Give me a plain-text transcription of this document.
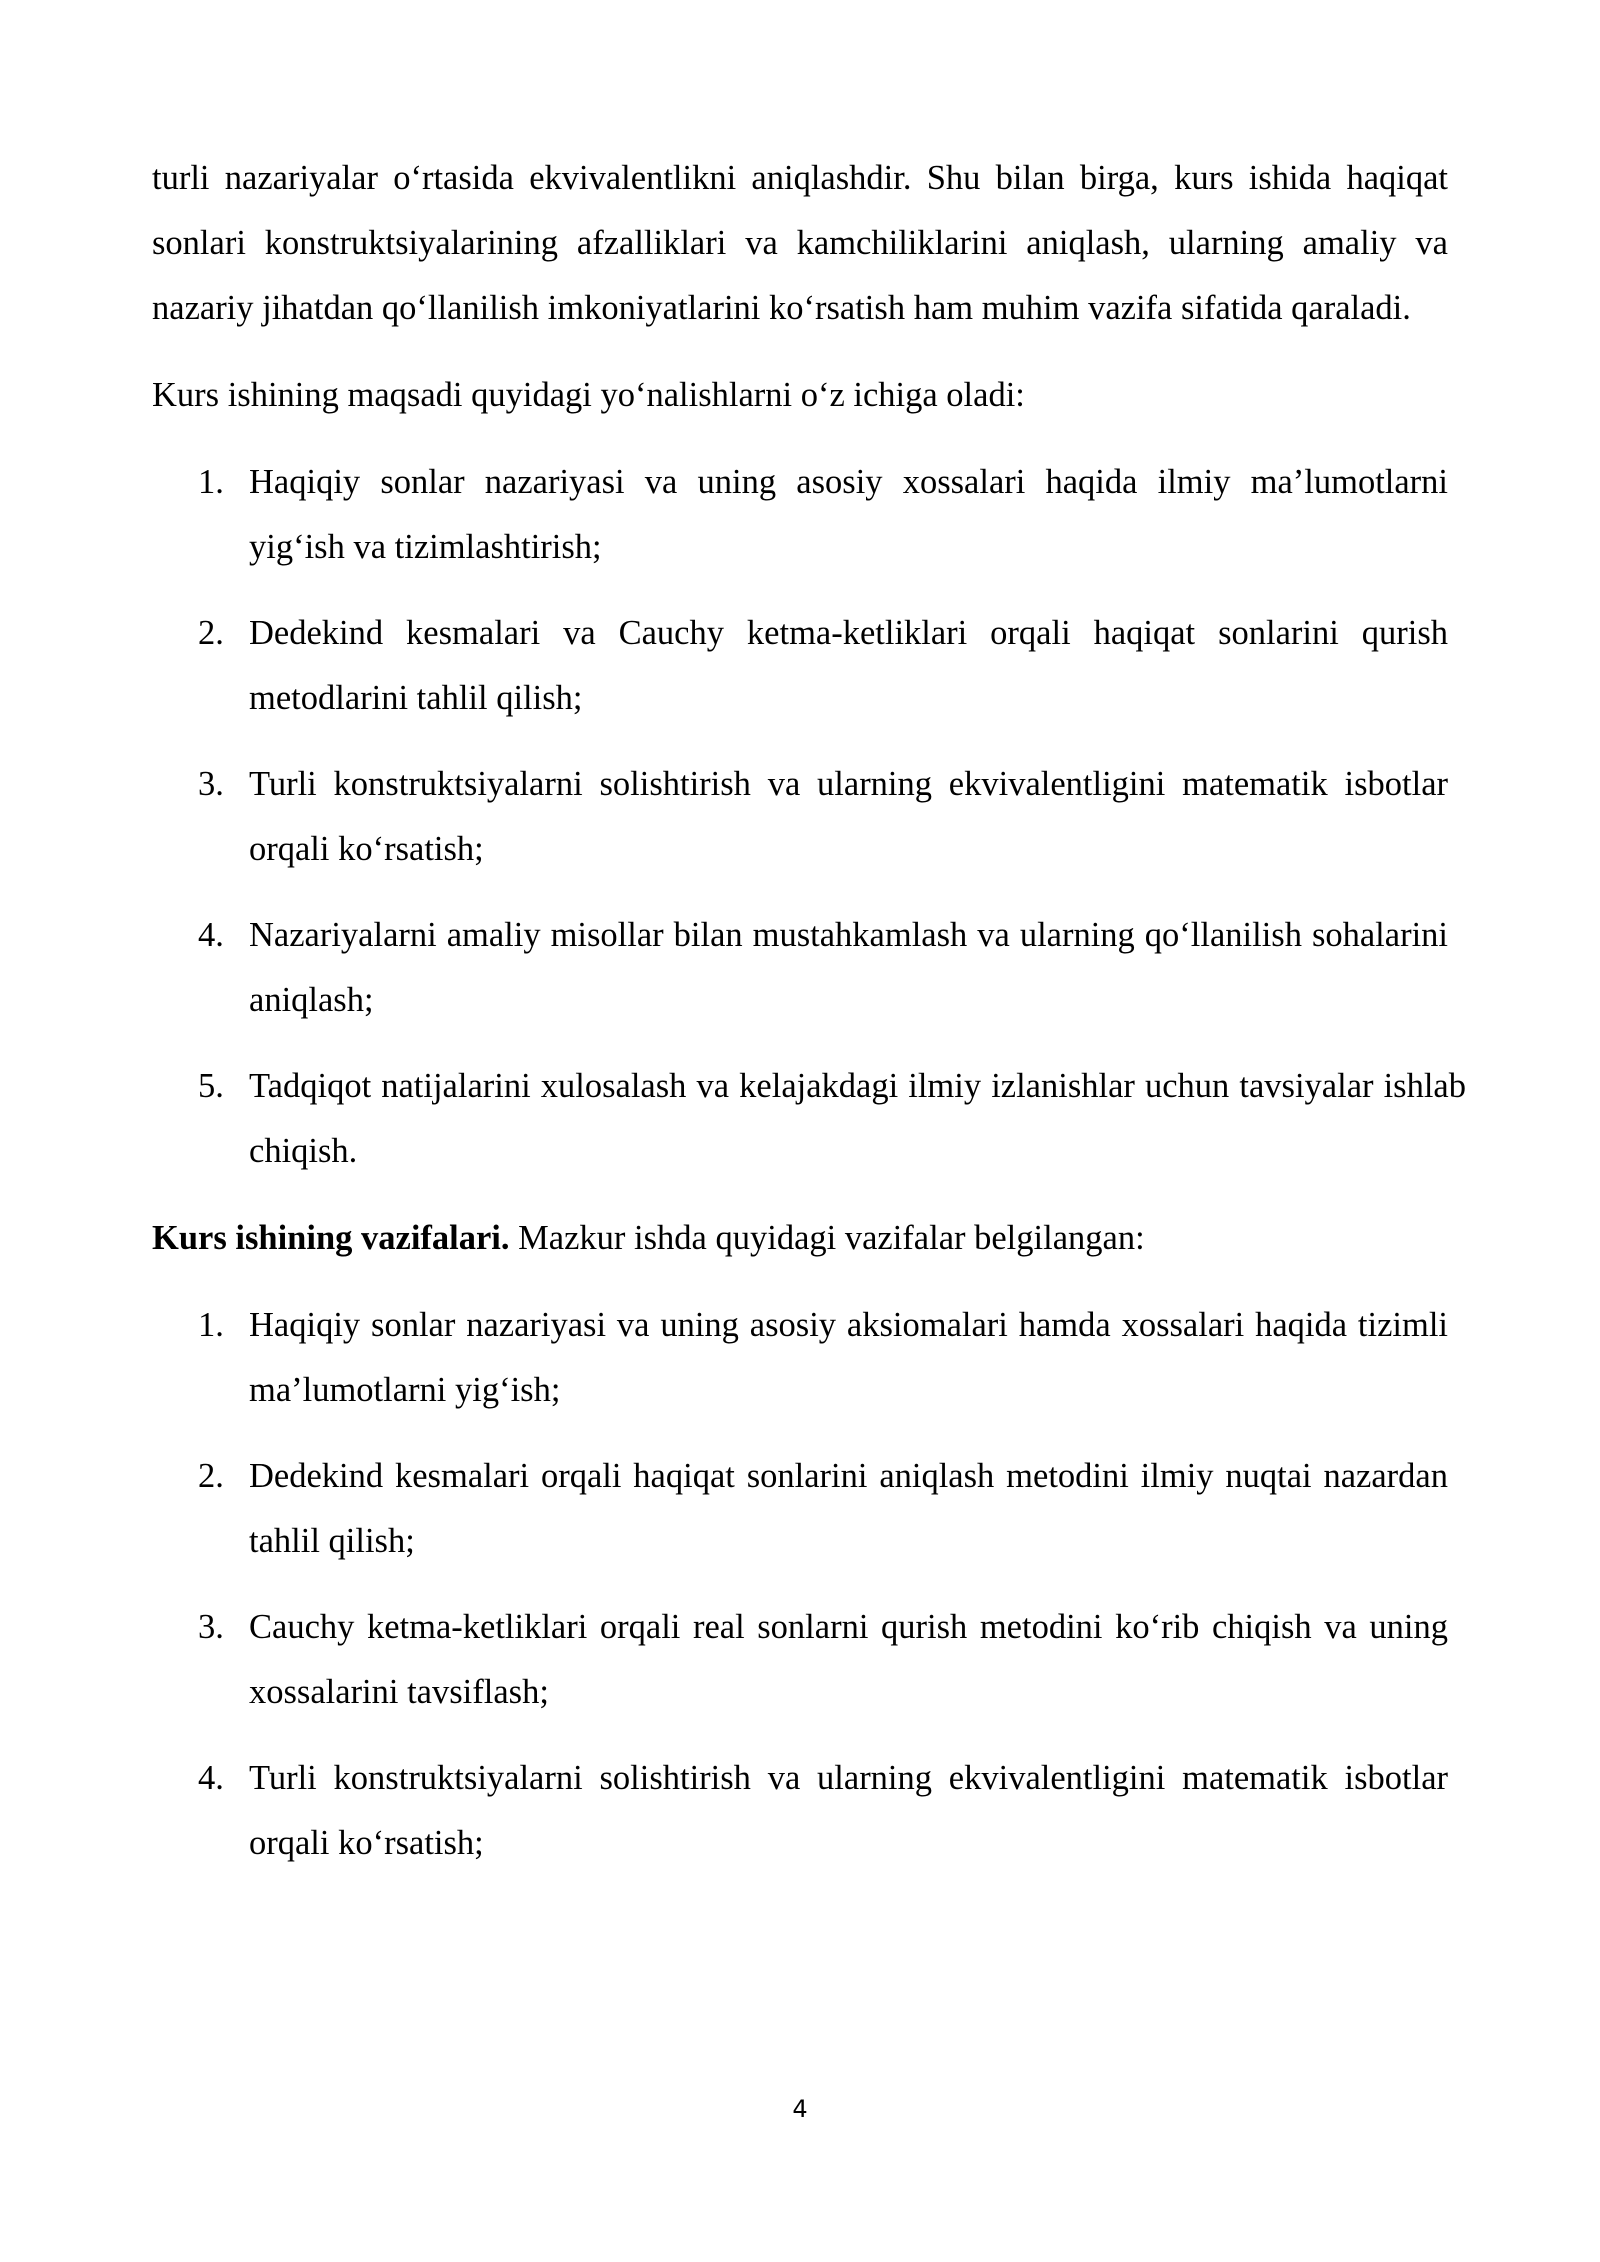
turli nazariyalar o‘rtasida ekvivalentlikni aniqlashdir. Shu bilan birga, kurs ishida haqiqat sonlari konstruktsiyalarining afzalliklari va kamchiliklarini aniqlash, ularning amaliy va nazariy jihatdan qo‘llanilish imkoniyatlarini ko‘rsatish ham muhim vazifa sifatida qaraladi.

Kurs ishining maqsadi quyidagi yo‘nalishlarni o‘z ichiga oladi:

1. Haqiqiy sonlar nazariyasi va uning asosiy xossalari haqida ilmiy ma’lumotlarni yig‘ish va tizimlashtirish;
2. Dedekind kesmalari va Cauchy ketma-ketliklari orqali haqiqat sonlarini qurish metodlarini tahlil qilish;
3. Turli konstruktsiyalarni solishtirish va ularning ekvivalentligini matematik isbotlar orqali ko‘rsatish;
4. Nazariyalarni amaliy misollar bilan mustahkamlash va ularning qo‘llanilish sohalarini aniqlash;
5. Tadqiqot natijalarini xulosalash va kelajakdagi ilmiy izlanishlar uchun tavsiyalar ishlab chiqish.

Kurs ishining vazifalari. Mazkur ishda quyidagi vazifalar belgilangan:

1. Haqiqiy sonlar nazariyasi va uning asosiy aksiomalari hamda xossalari haqida tizimli ma’lumotlarni yig‘ish;
2. Dedekind kesmalari orqali haqiqat sonlarini aniqlash metodini ilmiy nuqtai nazardan tahlil qilish;
3. Cauchy ketma-ketliklari orqali real sonlarni qurish metodini ko‘rib chiqish va uning xossalarini tavsiflash;
4. Turli konstruktsiyalarni solishtirish va ularning ekvivalentligini matematik isbotlar orqali ko‘rsatish;
4
